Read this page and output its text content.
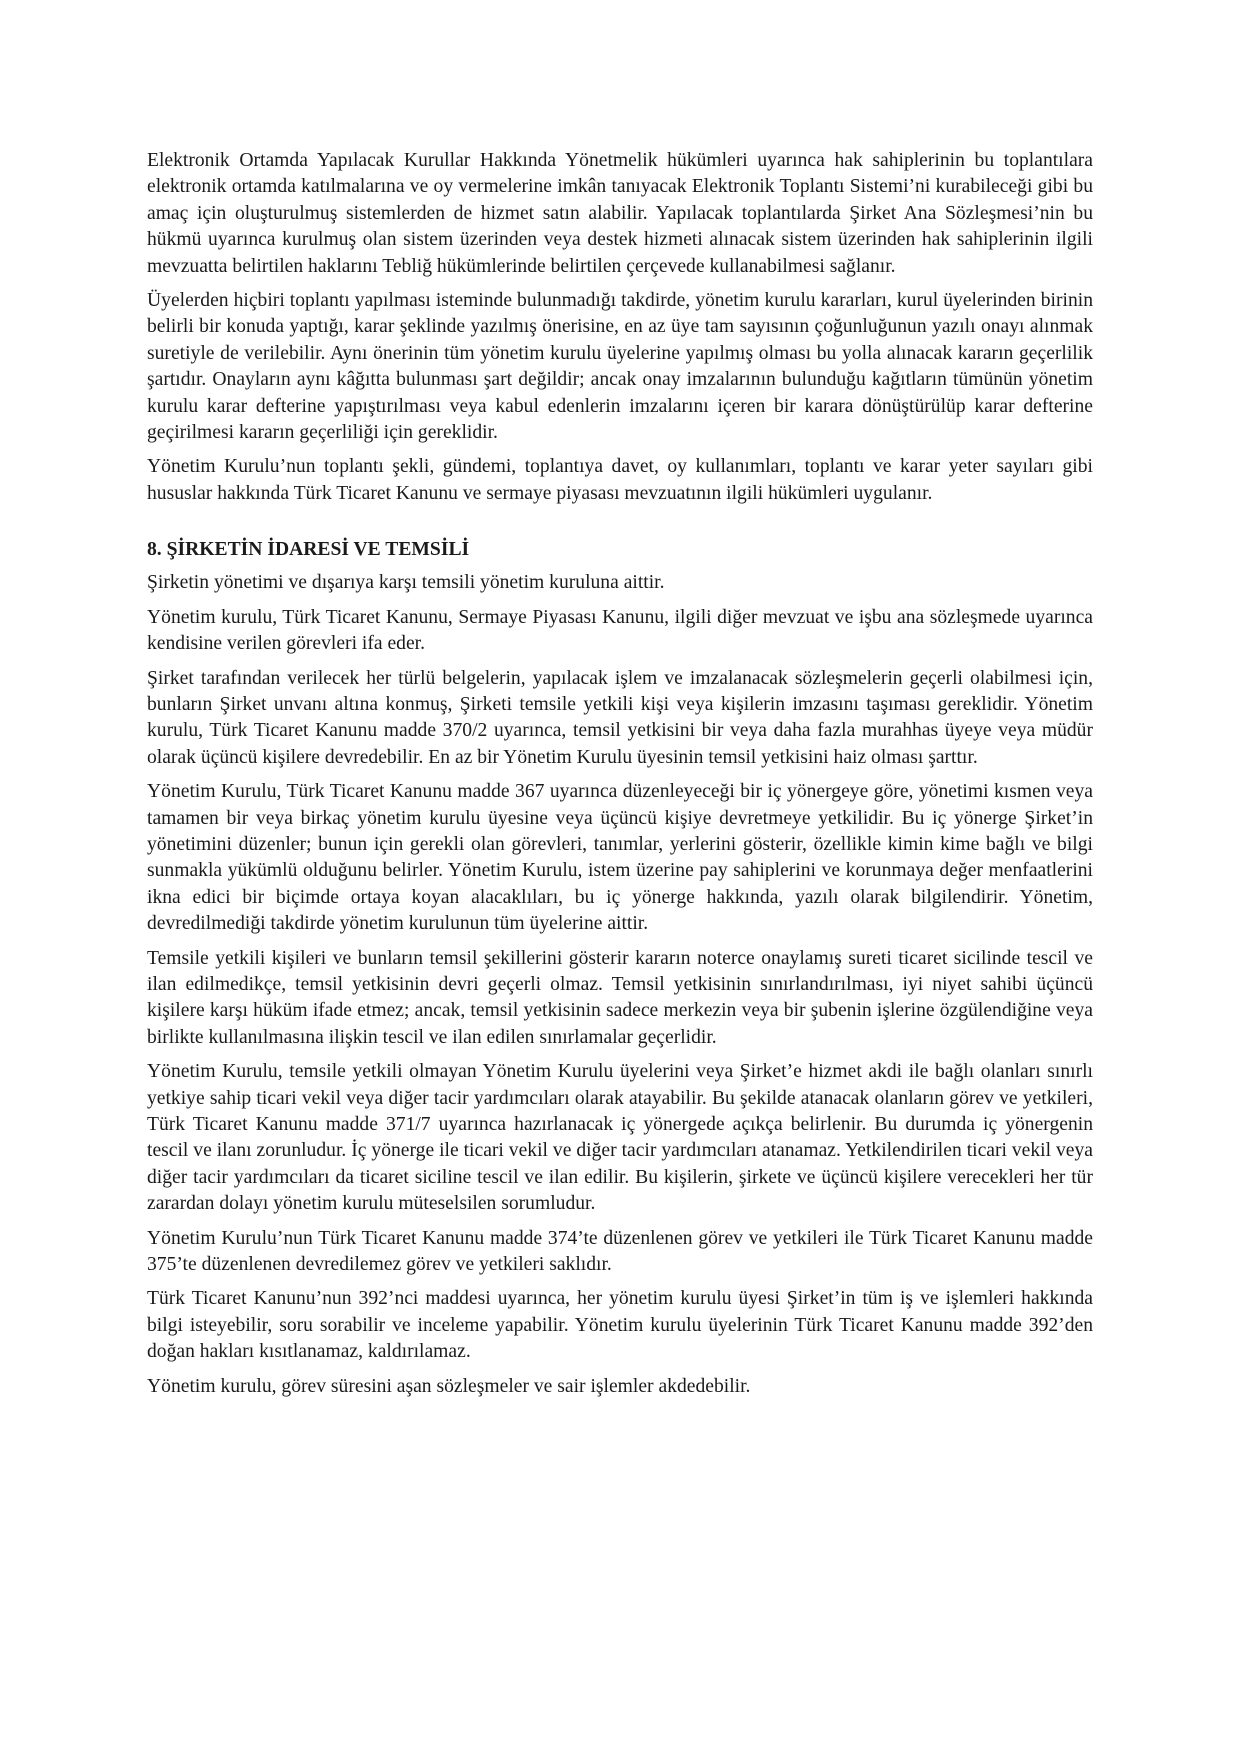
Elektronik Ortamda Yapılacak Kurullar Hakkında Yönetmelik hükümleri uyarınca hak sahiplerinin bu toplantılara elektronik ortamda katılmalarına ve oy vermelerine imkân tanıyacak Elektronik Toplantı Sistemi’ni kurabileceği gibi bu amaç için oluşturulmuş sistemlerden de hizmet satın alabilir. Yapılacak toplantılarda Şirket Ana Sözleşmesi’nin bu hükmü uyarınca kurulmuş olan sistem üzerinden veya destek hizmeti alınacak sistem üzerinden hak sahiplerinin ilgili mevzuatta belirtilen haklarını Tebliğ hükümlerinde belirtilen çerçevede kullanabilmesi sağlanır.

Üyelerden hiçbiri toplantı yapılması isteminde bulunmadığı takdirde, yönetim kurulu kararları, kurul üyelerinden birinin belirli bir konuda yaptığı, karar şeklinde yazılmış önerisine, en az üye tam sayısının çoğunluğunun yazılı onayı alınmak suretiyle de verilebilir. Aynı önerinin tüm yönetim kurulu üyelerine yapılmış olması bu yolla alınacak kararın geçerlilik şartıdır. Onayların aynı kâğıtta bulunması şart değildir; ancak onay imzalarının bulunduğu kağıtların tümünün yönetim kurulu karar defterine yapıştırılması veya kabul edenlerin imzalarını içeren bir karara dönüştürülüp karar defterine geçirilmesi kararın geçerliliği için gereklidir.

Yönetim Kurulu’nun toplantı şekli, gündemi, toplantıya davet, oy kullanımları, toplantı ve karar yeter sayıları gibi hususlar hakkında Türk Ticaret Kanunu ve sermaye piyasası mevzuatının ilgili hükümleri uygulanır.

8. ŞİRKETİN İDARESİ VE TEMSİLİ

Şirketin yönetimi ve dışarıya karşı temsili yönetim kuruluna aittir.

Yönetim kurulu, Türk Ticaret Kanunu, Sermaye Piyasası Kanunu, ilgili diğer mevzuat ve işbu ana sözleşmede uyarınca kendisine verilen görevleri ifa eder.

Şirket tarafından verilecek her türlü belgelerin, yapılacak işlem ve imzalanacak sözleşmelerin geçerli olabilmesi için, bunların Şirket unvanı altına konmuş, Şirketi temsile yetkili kişi veya kişilerin imzasını taşıması gereklidir. Yönetim kurulu, Türk Ticaret Kanunu madde 370/2 uyarınca, temsil yetkisini bir veya daha fazla murahhas üyeye veya müdür olarak üçüncü kişilere devredebilir. En az bir Yönetim Kurulu üyesinin temsil yetkisini haiz olması şarttır.

Yönetim Kurulu, Türk Ticaret Kanunu madde 367 uyarınca düzenleyeceği bir iç yönergeye göre, yönetimi kısmen veya tamamen bir veya birkaç yönetim kurulu üyesine veya üçüncü kişiye devretmeye yetkilidir. Bu iç yönerge Şirket’in yönetimini düzenler; bunun için gerekli olan görevleri, tanımlar, yerlerini gösterir, özellikle kimin kime bağlı ve bilgi sunmakla yükümlü olduğunu belirler. Yönetim Kurulu, istem üzerine pay sahiplerini ve korunmaya değer menfaatlerini ikna edici bir biçimde ortaya koyan alacaklıları, bu iç yönerge hakkında, yazılı olarak bilgilendirir. Yönetim, devredilmediği takdirde yönetim kurulunun tüm üyelerine aittir.

Temsile yetkili kişileri ve bunların temsil şekillerini gösterir kararın noterce onaylamış sureti ticaret sicilinde tescil ve ilan edilmedikçe, temsil yetkisinin devri geçerli olmaz. Temsil yetkisinin sınırlandırılması, iyi niyet sahibi üçüncü kişilere karşı hüküm ifade etmez; ancak, temsil yetkisinin sadece merkezin veya bir şubenin işlerine özgülendiğine veya birlikte kullanılmasına ilişkin tescil ve ilan edilen sınırlamalar geçerlidir.

Yönetim Kurulu, temsile yetkili olmayan Yönetim Kurulu üyelerini veya Şirket’e hizmet akdi ile bağlı olanları sınırlı yetkiye sahip ticari vekil veya diğer tacir yardımcıları olarak atayabilir. Bu şekilde atanacak olanların görev ve yetkileri, Türk Ticaret Kanunu madde 371/7 uyarınca hazırlanacak iç yönergede açıkça belirlenir. Bu durumda iç yönergenin tescil ve ilanı zorunludur. İç yönerge ile ticari vekil ve diğer tacir yardımcıları atanamaz. Yetkilendirilen ticari vekil veya diğer tacir yardımcıları da ticaret siciline tescil ve ilan edilir. Bu kişilerin, şirkete ve üçüncü kişilere verecekleri her tür zarardan dolayı yönetim kurulu müteselsilen sorumludur.

Yönetim Kurulu’nun Türk Ticaret Kanunu madde 374’te düzenlenen görev ve yetkileri ile Türk Ticaret Kanunu madde 375’te düzenlenen devredilemez görev ve yetkileri saklıdır.

Türk Ticaret Kanunu’nun 392’nci maddesi uyarınca, her yönetim kurulu üyesi Şirket’in tüm iş ve işlemleri hakkında bilgi isteyebilir, soru sorabilir ve inceleme yapabilir. Yönetim kurulu üyelerinin Türk Ticaret Kanunu madde 392’den doğan hakları kısıtlanamaz, kaldırılamaz.

Yönetim kurulu, görev süresini aşan sözleşmeler ve sair işlemler akdedebilir.
